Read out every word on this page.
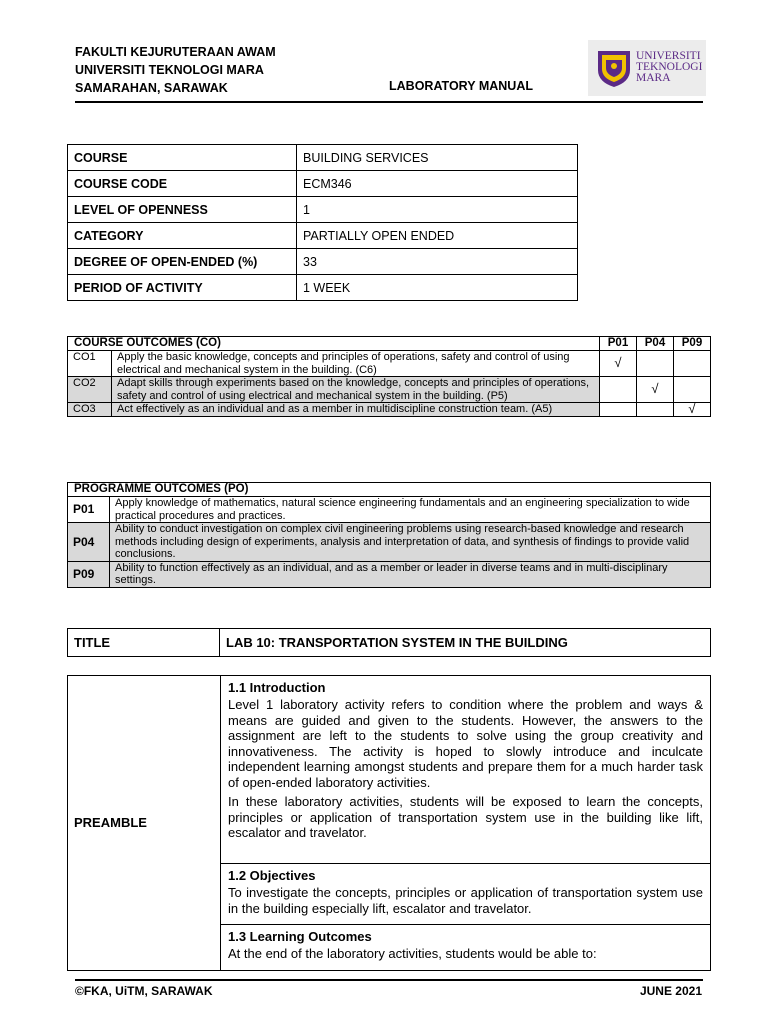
FAKULTI KEJURUTERAAN AWAM
UNIVERSITI TEKNOLOGI MARA
SAMARAHAN, SARAWAK	LABORATORY MANUAL
UNIVERSITI
TEKNOLOGI
MARA
COURSE	BUILDING SERVICES
COURSE CODE	ECM346
LEVEL OF OPENNESS	1
CATEGORY	PARTIALLY OPEN ENDED
DEGREE OF OPEN-ENDED (%)	33
PERIOD OF ACTIVITY	1 WEEK
COURSE OUTCOMES (CO)		P01	P04	P09
CO1	Apply the basic knowledge, concepts and principles of operations, safety and control of using electrical and mechanical system in the building. (C6)	√		
CO2	Adapt skills through experiments based on the knowledge, concepts and principles of operations, safety and control of using electrical and mechanical system in the building. (P5)		√	
CO3	Act effectively as an individual and as a member in multidiscipline construction team. (A5)			√
PROGRAMME OUTCOMES (PO)	
P01	Apply knowledge of mathematics, natural science engineering fundamentals and an engineering specialization to wide practical procedures and practices.
P04	Ability to conduct investigation on complex civil engineering problems using research-based knowledge and research methods including design of experiments, analysis and interpretation of data, and synthesis of findings to provide valid conclusions.
P09	Ability to function effectively as an individual, and as a member or leader in diverse teams and in multi-disciplinary settings.
TITLE	LAB 10: TRANSPORTATION SYSTEM IN THE BUILDING
PREAMBLE	
1.1 Introduction

Level 1 laboratory activity refers to condition where the problem and ways & means are guided and given to the students. However, the answers to the assignment are left to the students to solve using the group creativity and innovativeness. The activity is hoped to slowly introduce and inculcate independent learning amongst students and prepare them for a much harder task of open-ended laboratory activities.

In these laboratory activities, students will be exposed to learn the concepts, principles or application of transportation system use in the building like lift, escalator and travelator.

1.2 Objectives

To investigate the concepts, principles or application of transportation system use in the building especially lift, escalator and travelator.

1.3 Learning Outcomes

At the end of the laboratory activities, students would be able to:

©FKA, UiTM, SARAWAK	JUNE 2021
